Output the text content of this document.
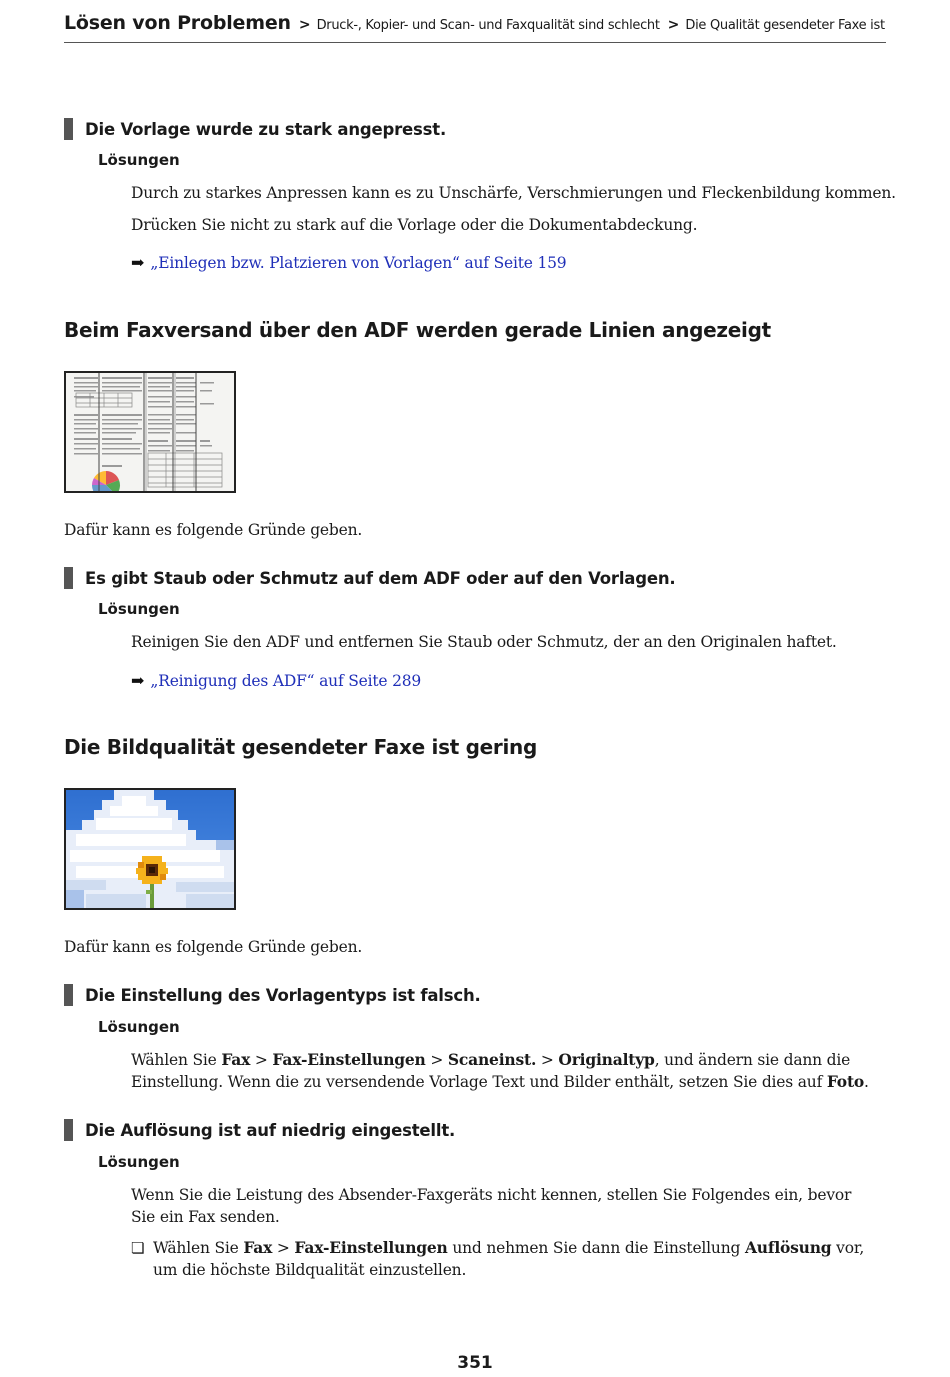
Lösen von Problemen > Druck-, Kopier- und Scan- und Faxqualität sind schlecht > Die Qualität gesendeter Faxe ist
Die Vorlage wurde zu stark angepresst.
Lösungen
Durch zu starkes Anpressen kann es zu Unschärfe, Verschmierungen und Fleckenbildung kommen.
Drücken Sie nicht zu stark auf die Vorlage oder die Dokumentabdeckung.
➡ „Einlegen bzw. Platzieren von Vorlagen“ auf Seite 159
Beim Faxversand über den ADF werden gerade Linien angezeigt
Dafür kann es folgende Gründe geben.
Es gibt Staub oder Schmutz auf dem ADF oder auf den Vorlagen.
Lösungen
Reinigen Sie den ADF und entfernen Sie Staub oder Schmutz, der an den Originalen haftet.
➡ „Reinigung des ADF“ auf Seite 289
Die Bildqualität gesendeter Faxe ist gering
Dafür kann es folgende Gründe geben.
Die Einstellung des Vorlagentyps ist falsch.
Lösungen
Wählen Sie Fax > Fax-Einstellungen > Scaneinst. > Originaltyp, und ändern sie dann die Einstellung. Wenn die zu versendende Vorlage Text und Bilder enthält, setzen Sie dies auf Foto.
Die Auflösung ist auf niedrig eingestellt.
Lösungen
Wenn Sie die Leistung des Absender-Faxgeräts nicht kennen, stellen Sie Folgendes ein, bevor Sie ein Fax senden.
❏ Wählen Sie Fax > Fax-Einstellungen und nehmen Sie dann die Einstellung Auflösung vor, um die höchste Bildqualität einzustellen.
351
